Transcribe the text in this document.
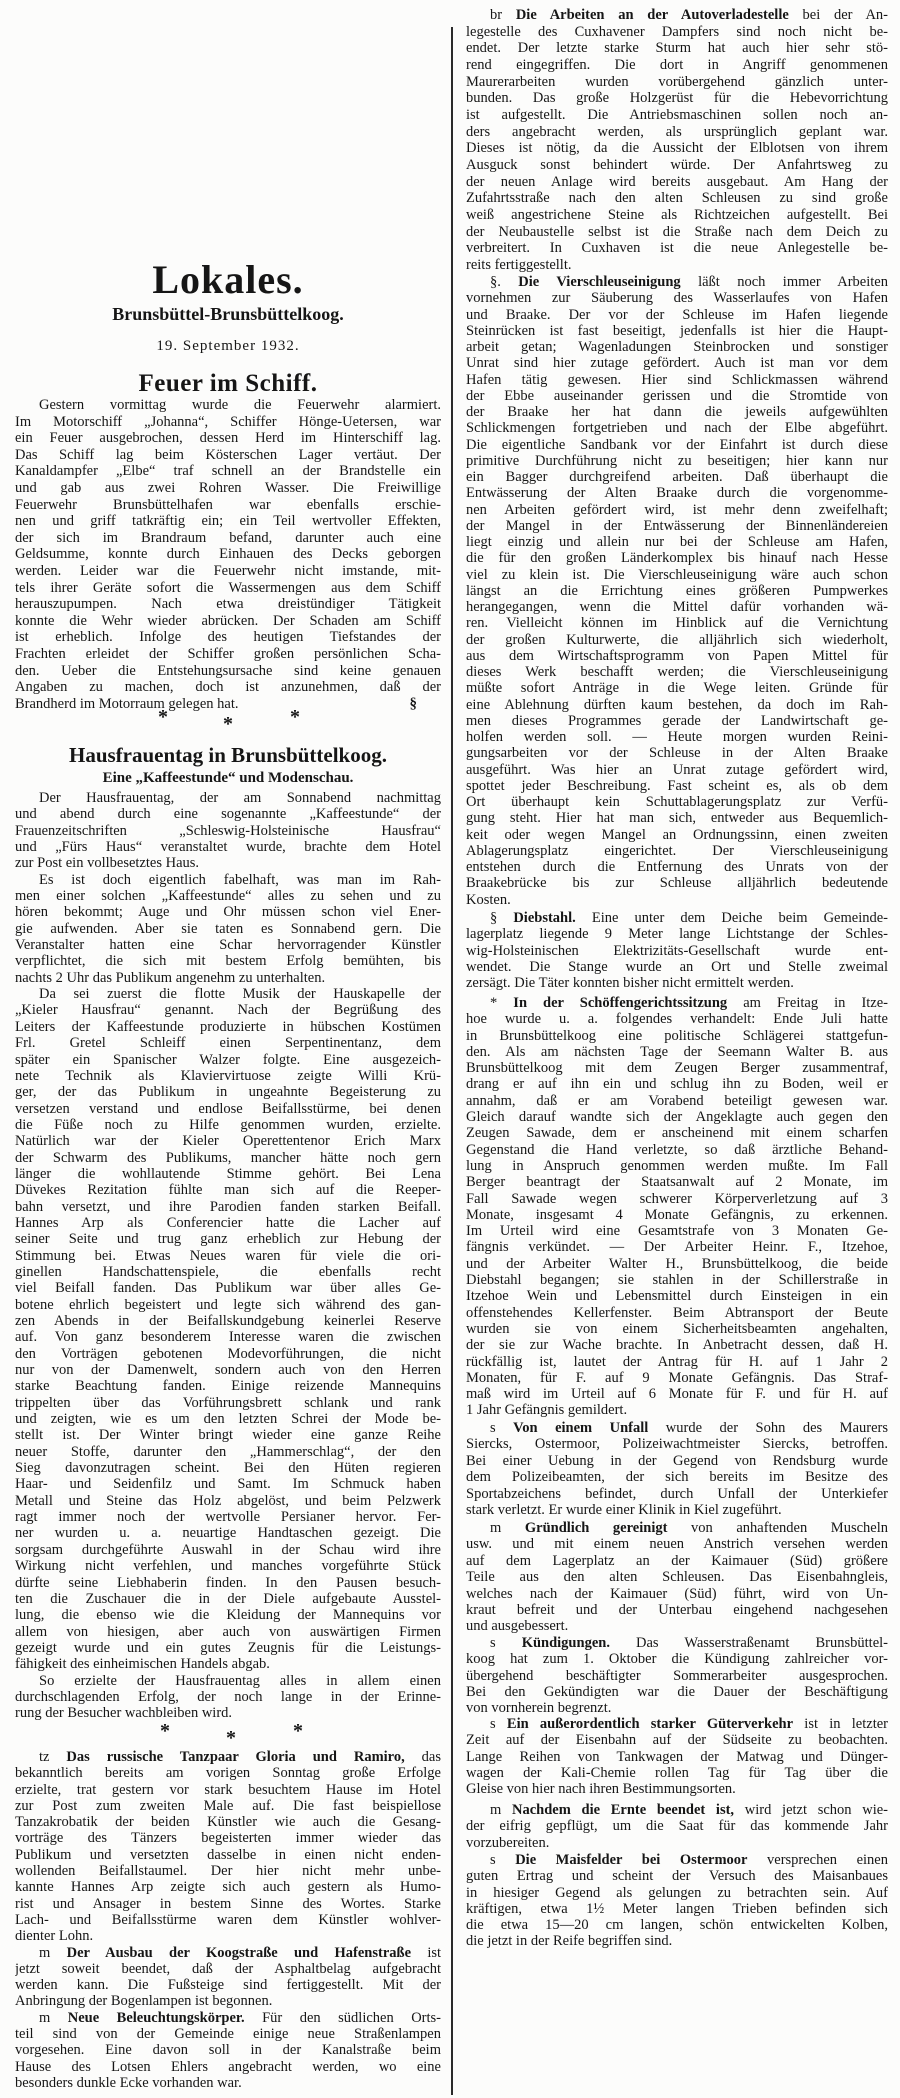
Lokales.
Brunsbüttel-Brunsbüttelkoog.
19. September 1932.
Feuer im Schiff.
Gestern vormittag wurde die Feuerwehr alarmiert.
Im Motorschiff „Johanna“, Schiffer Hönge-Uetersen, war
ein Feuer ausgebrochen, dessen Herd im Hinterschiff lag.
Das Schiff lag beim Kösterschen Lager vertäut. Der
Kanaldampfer „Elbe“ traf schnell an der Brandstelle ein
und gab aus zwei Rohren Wasser. Die Freiwillige
Feuerwehr Brunsbüttelhafen war ebenfalls erschie-
nen und griff tatkräftig ein; ein Teil wertvoller Effekten,
der sich im Brandraum befand, darunter auch eine
Geldsumme, konnte durch Einhauen des Decks geborgen
werden. Leider war die Feuerwehr nicht imstande, mit-
tels ihrer Geräte sofort die Wassermengen aus dem Schiff
herauszupumpen. Nach etwa dreistündiger Tätigkeit
konnte die Wehr wieder abrücken. Der Schaden am Schiff
ist erheblich. Infolge des heutigen Tiefstandes der
Frachten erleidet der Schiffer großen persönlichen Scha-
den. Ueber die Entstehungsursache sind keine genauen
Angaben zu machen, doch ist anzunehmen, daß der
Brandherd im Motorraum gelegen hat.	§
*	*	*
Hausfrauentag in Brunsbüttelkoog.
Eine „Kaffeestunde“ und Modenschau.
Der Hausfrauentag, der am Sonnabend nachmittag
und abend durch eine sogenannte „Kaffeestunde“ der
Frauenzeitschriften „Schleswig-Holsteinische Hausfrau“
und „Fürs Haus“ veranstaltet wurde, brachte dem Hotel
zur Post ein vollbesetztes Haus.
Es ist doch eigentlich fabelhaft, was man im Rah-
men einer solchen „Kaffeestunde“ alles zu sehen und zu
hören bekommt; Auge und Ohr müssen schon viel Ener-
gie aufwenden. Aber sie taten es Sonnabend gern. Die
Veranstalter hatten eine Schar hervorragender Künstler
verpflichtet, die sich mit bestem Erfolg bemühten, bis
nachts 2 Uhr das Publikum angenehm zu unterhalten.
Da sei zuerst die flotte Musik der Hauskapelle der
„Kieler Hausfrau“ genannt. Nach der Begrüßung des
Leiters der Kaffeestunde produzierte in hübschen Kostümen
Frl. Gretel Schleiff einen Serpentinentanz, dem
später ein Spanischer Walzer folgte. Eine ausgezeich-
nete Technik als Klaviervirtuose zeigte Willi Krü-
ger, der das Publikum in ungeahnte Begeisterung zu
versetzen verstand und endlose Beifallsstürme, bei denen
die Füße noch zu Hilfe genommen wurden, erzielte.
Natürlich war der Kieler Operettentenor Erich Marx
der Schwarm des Publikums, mancher hätte noch gern
länger die wohllautende Stimme gehört. Bei Lena
Düvekes Rezitation fühlte man sich auf die Reeper-
bahn versetzt, und ihre Parodien fanden starken Beifall.
Hannes Arp als Conferencier hatte die Lacher auf
seiner Seite und trug ganz erheblich zur Hebung der
Stimmung bei. Etwas Neues waren für viele die ori-
ginellen Handschattenspiele, die ebenfalls recht
viel Beifall fanden. Das Publikum war über alles Ge-
botene ehrlich begeistert und legte sich während des gan-
zen Abends in der Beifallskundgebung keinerlei Reserve
auf. Von ganz besonderem Interesse waren die zwischen
den Vorträgen gebotenen Modevorführungen, die nicht
nur von der Damenwelt, sondern auch von den Herren
starke Beachtung fanden. Einige reizende Mannequins
trippelten über das Vorführungsbrett schlank und rank
und zeigten, wie es um den letzten Schrei der Mode be-
stellt ist. Der Winter bringt wieder eine ganze Reihe
neuer Stoffe, darunter den „Hammerschlag“, der den
Sieg davonzutragen scheint. Bei den Hüten regieren
Haar- und Seidenfilz und Samt. Im Schmuck haben
Metall und Steine das Holz abgelöst, und beim Pelzwerk
ragt immer noch der wertvolle Persianer hervor. Fer-
ner wurden u. a. neuartige Handtaschen gezeigt. Die
sorgsam durchgeführte Auswahl in der Schau wird ihre
Wirkung nicht verfehlen, und manches vorgeführte Stück
dürfte seine Liebhaberin finden. In den Pausen besuch-
ten die Zuschauer die in der Diele aufgebaute Ausstel-
lung, die ebenso wie die Kleidung der Mannequins vor
allem von hiesigen, aber auch von auswärtigen Firmen
gezeigt wurde und ein gutes Zeugnis für die Leistungs-
fähigkeit des einheimischen Handels abgab.
So erzielte der Hausfrauentag alles in allem einen
durchschlagenden Erfolg, der noch lange in der Erinne-
rung der Besucher wachbleiben wird.
*	*	*
tz Das russische Tanzpaar Gloria und Ramiro, das
bekanntlich bereits am vorigen Sonntag große Erfolge
erzielte, trat gestern vor stark besuchtem Hause im Hotel
zur Post zum zweiten Male auf. Die fast beispiellose
Tanzakrobatik der beiden Künstler wie auch die Gesang-
vorträge des Tänzers begeisterten immer wieder das
Publikum und versetzten dasselbe in einen nicht enden-
wollenden Beifallstaumel. Der hier nicht mehr unbe-
kannte Hannes Arp zeigte sich auch gestern als Humo-
rist und Ansager in bestem Sinne des Wortes. Starke
Lach- und Beifallsstürme waren dem Künstler wohlver-
dienter Lohn.
m Der Ausbau der Koogstraße und Hafenstraße ist
jetzt soweit beendet, daß der Asphaltbelag aufgebracht
werden kann. Die Fußsteige sind fertiggestellt. Mit der
Anbringung der Bogenlampen ist begonnen.
m Neue Beleuchtungskörper. Für den südlichen Orts-
teil sind von der Gemeinde einige neue Straßenlampen
vorgesehen. Eine davon soll in der Kanalstraße beim
Hause des Lotsen Ehlers angebracht werden, wo eine
besonders dunkle Ecke vorhanden war.
br Die Arbeiten an der Autoverladestelle bei der An-
legestelle des Cuxhavener Dampfers sind noch nicht be-
endet. Der letzte starke Sturm hat auch hier sehr stö-
rend eingegriffen. Die dort in Angriff genommenen
Maurerarbeiten wurden vorübergehend gänzlich unter-
bunden. Das große Holzgerüst für die Hebevorrichtung
ist aufgestellt. Die Antriebsmaschinen sollen noch an-
ders angebracht werden, als ursprünglich geplant war.
Dieses ist nötig, da die Aussicht der Elblotsen von ihrem
Ausguck sonst behindert würde. Der Anfahrtsweg zu
der neuen Anlage wird bereits ausgebaut. Am Hang der
Zufahrtsstraße nach den alten Schleusen zu sind große
weiß angestrichene Steine als Richtzeichen aufgestellt. Bei
der Neubaustelle selbst ist die Straße nach dem Deich zu
verbreitert. In Cuxhaven ist die neue Anlegestelle be-
reits fertiggestellt.
§. Die Vierschleuseinigung läßt noch immer Arbeiten
vornehmen zur Säuberung des Wasserlaufes von Hafen
und Braake. Der vor der Schleuse im Hafen liegende
Steinrücken ist fast beseitigt, jedenfalls ist hier die Haupt-
arbeit getan; Wagenladungen Steinbrocken und sonstiger
Unrat sind hier zutage gefördert. Auch ist man vor dem
Hafen tätig gewesen. Hier sind Schlickmassen während
der Ebbe auseinander gerissen und die Stromtide von
der Braake her hat dann die jeweils aufgewühlten
Schlickmengen fortgetrieben und nach der Elbe abgeführt.
Die eigentliche Sandbank vor der Einfahrt ist durch diese
primitive Durchführung nicht zu beseitigen; hier kann nur
ein Bagger durchgreifend arbeiten. Daß überhaupt die
Entwässerung der Alten Braake durch die vorgenomme-
nen Arbeiten gefördert wird, ist mehr denn zweifelhaft;
der Mangel in der Entwässerung der Binnenländereien
liegt einzig und allein nur bei der Schleuse am Hafen,
die für den großen Länderkomplex bis hinauf nach Hesse
viel zu klein ist. Die Vierschleuseinigung wäre auch schon
längst an die Errichtung eines größeren Pumpwerkes
herangegangen, wenn die Mittel dafür vorhanden wä-
ren. Vielleicht können im Hinblick auf die Vernichtung
der großen Kulturwerte, die alljährlich sich wiederholt,
aus dem Wirtschaftsprogramm von Papen Mittel für
dieses Werk beschafft werden; die Vierschleuseinigung
müßte sofort Anträge in die Wege leiten. Gründe für
eine Ablehnung dürften kaum bestehen, da doch im Rah-
men dieses Programmes gerade der Landwirtschaft ge-
holfen werden soll. — Heute morgen wurden Reini-
gungsarbeiten vor der Schleuse in der Alten Braake
ausgeführt. Was hier an Unrat zutage gefördert wird,
spottet jeder Beschreibung. Fast scheint es, als ob dem
Ort überhaupt kein Schuttablagerungsplatz zur Verfü-
gung steht. Hier hat man sich, entweder aus Bequemlich-
keit oder wegen Mangel an Ordnungssinn, einen zweiten
Ablagerungsplatz eingerichtet. Der Vierschleuseinigung
entstehen durch die Entfernung des Unrats von der
Braakebrücke bis zur Schleuse alljährlich bedeutende
Kosten.
§ Diebstahl. Eine unter dem Deiche beim Gemeinde-
lagerplatz liegende 9 Meter lange Lichtstange der Schles-
wig-Holsteinischen Elektrizitäts-Gesellschaft wurde ent-
wendet. Die Stange wurde an Ort und Stelle zweimal
zersägt. Die Täter konnten bisher nicht ermittelt werden.
* In der Schöffengerichtssitzung am Freitag in Itze-
hoe wurde u. a. folgendes verhandelt: Ende Juli hatte
in Brunsbüttelkoog eine politische Schlägerei stattgefun-
den. Als am nächsten Tage der Seemann Walter B. aus
Brunsbüttelkoog mit dem Zeugen Berger zusammentraf,
drang er auf ihn ein und schlug ihn zu Boden, weil er
annahm, daß er am Vorabend beteiligt gewesen war.
Gleich darauf wandte sich der Angeklagte auch gegen den
Zeugen Sawade, dem er anscheinend mit einem scharfen
Gegenstand die Hand verletzte, so daß ärztliche Behand-
lung in Anspruch genommen werden mußte. Im Fall
Berger beantragt der Staatsanwalt auf 2 Monate, im
Fall Sawade wegen schwerer Körperverletzung auf 3
Monate, insgesamt 4 Monate Gefängnis, zu erkennen.
Im Urteil wird eine Gesamtstrafe von 3 Monaten Ge-
fängnis verkündet. — Der Arbeiter Heinr. F., Itzehoe,
und der Arbeiter Walter H., Brunsbüttelkoog, die beide
Diebstahl begangen; sie stahlen in der Schillerstraße in
Itzehoe Wein und Lebensmittel durch Einsteigen in ein
offenstehendes Kellerfenster. Beim Abtransport der Beute
wurden sie von einem Sicherheitsbeamten angehalten,
der sie zur Wache brachte. In Anbetracht dessen, daß H.
rückfällig ist, lautet der Antrag für H. auf 1 Jahr 2
Monaten, für F. auf 9 Monate Gefängnis. Das Straf-
maß wird im Urteil auf 6 Monate für F. und für H. auf
1 Jahr Gefängnis gemildert.
s Von einem Unfall wurde der Sohn des Maurers
Siercks, Ostermoor, Polizeiwachtmeister Siercks, betroffen.
Bei einer Uebung in der Gegend von Rendsburg wurde
dem Polizeibeamten, der sich bereits im Besitze des
Sportabzeichens befindet, durch Unfall der Unterkiefer
stark verletzt. Er wurde einer Klinik in Kiel zugeführt.
m Gründlich gereinigt von anhaftenden Muscheln
usw. und mit einem neuen Anstrich versehen werden
auf dem Lagerplatz an der Kaimauer (Süd) größere
Teile aus den alten Schleusen. Das Eisenbahngleis,
welches nach der Kaimauer (Süd) führt, wird von Un-
kraut befreit und der Unterbau eingehend nachgesehen
und ausgebessert.
s Kündigungen. Das Wasserstraßenamt Brunsbüttel-
koog hat zum 1. Oktober die Kündigung zahlreicher vor-
übergehend beschäftigter Sommerarbeiter ausgesprochen.
Bei den Gekündigten war die Dauer der Beschäftigung
von vornherein begrenzt.
s Ein außerordentlich starker Güterverkehr ist in letzter
Zeit auf der Eisenbahn auf der Südseite zu beobachten.
Lange Reihen von Tankwagen der Matwag und Dünger-
wagen der Kali-Chemie rollen Tag für Tag über die
Gleise von hier nach ihren Bestimmungsorten.
m Nachdem die Ernte beendet ist, wird jetzt schon wie-
der eifrig gepflügt, um die Saat für das kommende Jahr
vorzubereiten.
s Die Maisfelder bei Ostermoor versprechen einen
guten Ertrag und scheint der Versuch des Maisanbaues
in hiesiger Gegend als gelungen zu betrachten sein. Auf
kräftigen, etwa 1½ Meter langen Trieben befinden sich
die etwa 15—20 cm langen, schön entwickelten Kolben,
die jetzt in der Reife begriffen sind.
